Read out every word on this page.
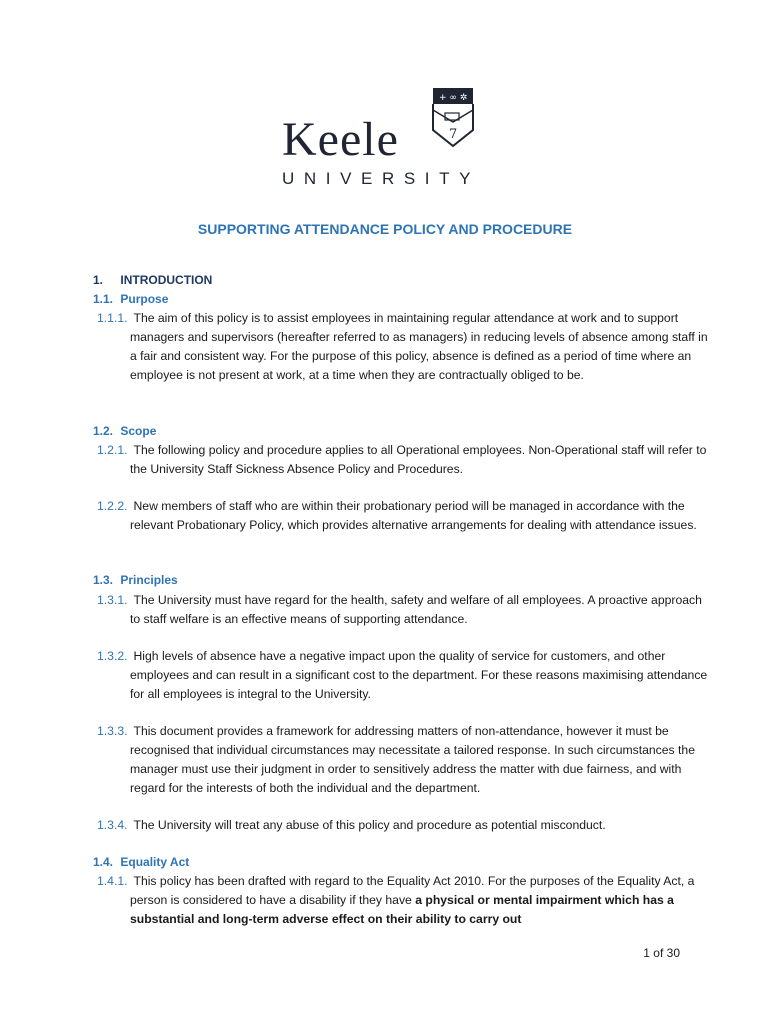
Keele
UNIVERSITY
+ ∞ ✲
7
SUPPORTING ATTENDANCE POLICY AND PROCEDURE
1. INTRODUCTION
1.1. Purpose
1.1.1. The aim of this policy is to assist employees in maintaining regular attendance at work and to support managers and supervisors (hereafter referred to as managers) in reducing levels of absence among staff in a fair and consistent way. For the purpose of this policy, absence is defined as a period of time where an employee is not present at work, at a time when they are contractually obliged to be.
1.2. Scope
1.2.1. The following policy and procedure applies to all Operational employees. Non-Operational staff will refer to the University Staff Sickness Absence Policy and Procedures.
1.2.2. New members of staff who are within their probationary period will be managed in accordance with the relevant Probationary Policy, which provides alternative arrangements for dealing with attendance issues.
1.3. Principles
1.3.1. The University must have regard for the health, safety and welfare of all employees. A proactive approach to staff welfare is an effective means of supporting attendance.
1.3.2. High levels of absence have a negative impact upon the quality of service for customers, and other employees and can result in a significant cost to the department. For these reasons maximising attendance for all employees is integral to the University.
1.3.3. This document provides a framework for addressing matters of non-attendance, however it must be recognised that individual circumstances may necessitate a tailored response. In such circumstances the manager must use their judgment in order to sensitively address the matter with due fairness, and with regard for the interests of both the individual and the department.
1.3.4. The University will treat any abuse of this policy and procedure as potential misconduct.
1.4. Equality Act
1.4.1. This policy has been drafted with regard to the Equality Act 2010. For the purposes of the Equality Act, a person is considered to have a disability if they have a physical or mental impairment which has a substantial and long-term adverse effect on their ability to carry out
1 of 30
